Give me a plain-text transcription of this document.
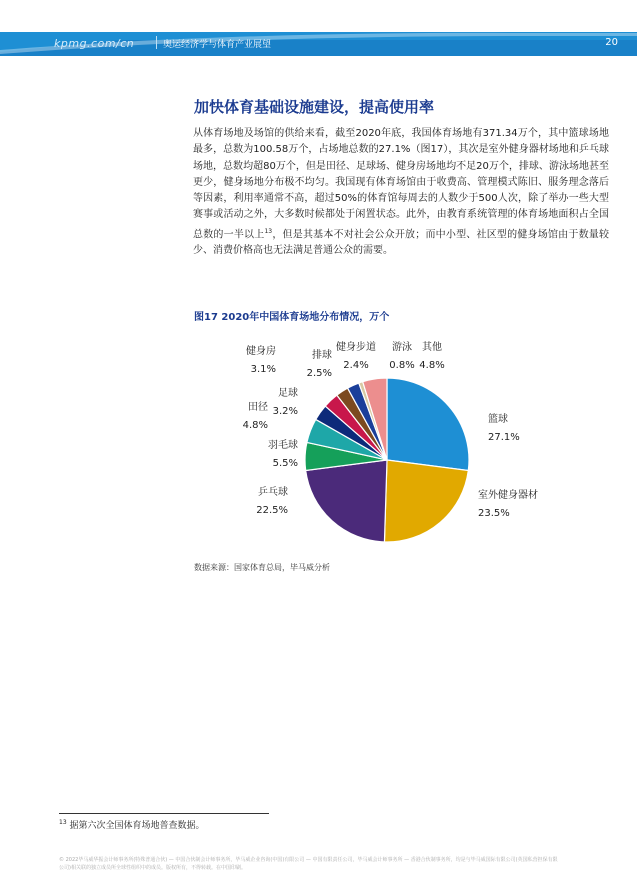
kpmg.com/cn	奥运经济学与体育产业展望	20
加快体育基础设施建设，提高使用率

从体育场地及场馆的供给来看，截至2020年底，我国体育场地有371.34万个，其中篮球场地最多，总数为100.58万个，占场地总数的27.1%（图17），其次是室外健身器材场地和乒乓球场地，总数均超80万个，但是田径、足球场、健身房场地均不足20万个，排球、游泳场地甚至更少，健身场地分布极不均匀。我国现有体育场馆由于收费高、管理模式陈旧、服务理念落后等因素，利用率通常不高，超过50%的体育馆每周去的人数少于500人次，除了举办一些大型赛事或活动之外，大多数时候都处于闲置状态。此外，由教育系统管理的体育场地面积占全国总数的一半以上$^{13}$，但是其基本不对社会公众开放；而中小型、社区型的健身场馆由于数量较少、消费价格高也无法满足普通公众的需要。

图17 2020年中国体育场地分布情况，万个
篮球
27.1%
室外健身器材
23.5%
乒乓球
22.5%
羽毛球
5.5%
田径
4.8%
足球
3.2%
健身房
3.1%
排球
2.5%
健身步道
2.4%
游泳
0.8%
其他
4.8%
数据来源：国家体育总局，毕马威分析
$^{13}$ 据第六次全国体育场地普查数据。
© 2022毕马威华振会计师事务所(特殊普通合伙) — 中国合伙制会计师事务所，毕马威企业咨询(中国)有限公司 — 中国有限责任公司，毕马威会计师事务所 — 香港合伙制事务所，均是与毕马威国际有限公司(英国私营担保有限公司)相关联的独立成员所全球性组织中的成员。版权所有，不得转载。在中国印刷。
